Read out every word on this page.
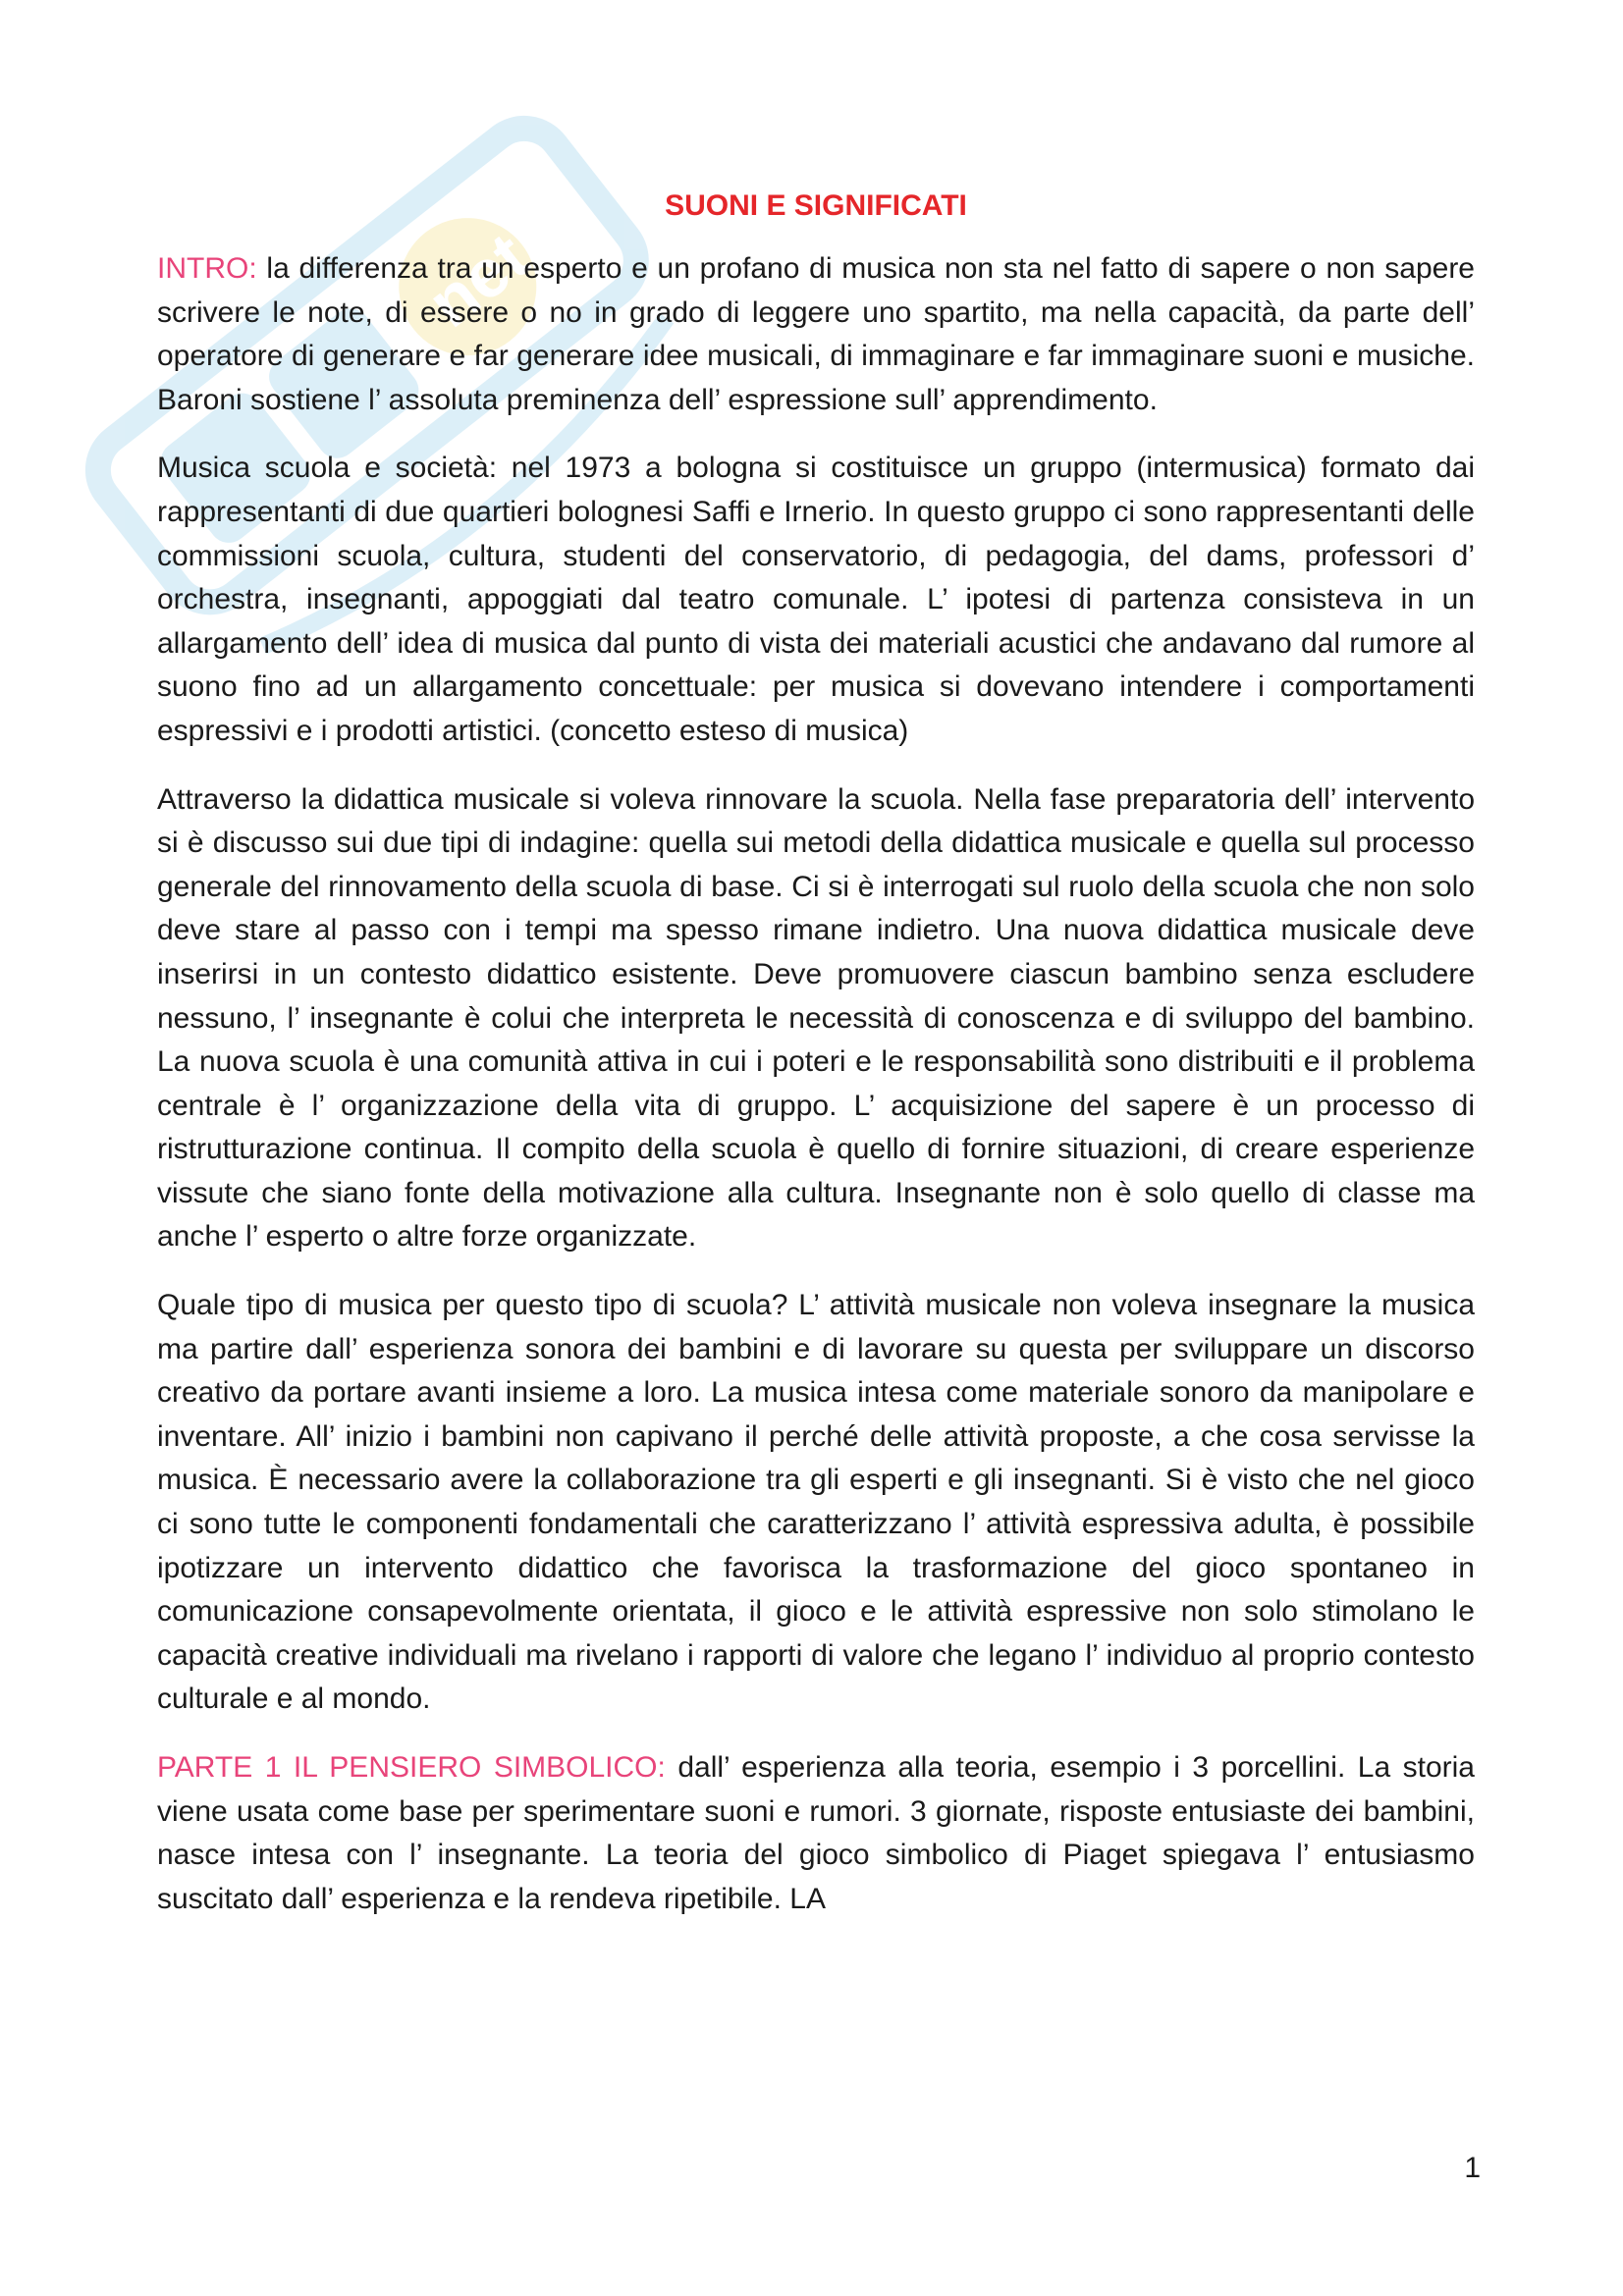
net
SUONI E SIGNIFICATI

INTRO: la differenza tra un esperto e un profano di musica non sta nel fatto di sapere o non sapere scrivere le note, di essere o no in grado di leggere uno spartito, ma nella capacità, da parte dell’ operatore di generare e far generare idee musicali, di immaginare e far immaginare suoni e musiche. Baroni sostiene l’ assoluta preminenza dell’ espressione sull’ apprendimento.

Musica scuola e società: nel 1973 a bologna si costituisce un gruppo (intermusica) formato dai rappresentanti di due quartieri bolognesi Saffi e Irnerio. In questo gruppo ci sono rappresentanti delle commissioni scuola, cultura, studenti del conservatorio, di pedagogia, del dams, professori d’ orchestra, insegnanti, appoggiati dal teatro comunale. L’ ipotesi di partenza consisteva in un allargamento dell’ idea di musica dal punto di vista dei materiali acustici che andavano dal rumore al suono fino ad un allargamento concettuale: per musica si dovevano intendere i comportamenti espressivi e i prodotti artistici. (concetto esteso di musica)

Attraverso la didattica musicale si voleva rinnovare la scuola. Nella fase preparatoria dell’ intervento si è discusso sui due tipi di indagine: quella sui metodi della didattica musicale e quella sul processo generale del rinnovamento della scuola di base. Ci si è interrogati sul ruolo della scuola che non solo deve stare al passo con i tempi ma spesso rimane indietro. Una nuova didattica musicale deve inserirsi in un contesto didattico esistente. Deve promuovere ciascun bambino senza escludere nessuno, l’ insegnante è colui che interpreta le necessità di conoscenza e di sviluppo del bambino. La nuova scuola è una comunità attiva in cui i poteri e le responsabilità sono distribuiti e il problema centrale è l’ organizzazione della vita di gruppo. L’ acquisizione del sapere è un processo di ristrutturazione continua. Il compito della scuola è quello di fornire situazioni, di creare esperienze vissute che siano fonte della motivazione alla cultura. Insegnante non è solo quello di classe ma anche l’ esperto o altre forze organizzate.

Quale tipo di musica per questo tipo di scuola? L’ attività musicale non voleva insegnare la musica ma partire dall’ esperienza sonora dei bambini e di lavorare su questa per sviluppare un discorso creativo da portare avanti insieme a loro. La musica intesa come materiale sonoro da manipolare e inventare. All’ inizio i bambini non capivano il perché delle attività proposte, a che cosa servisse la musica. È necessario avere la collaborazione tra gli esperti e gli insegnanti. Si è visto che nel gioco ci sono tutte le componenti fondamentali che caratterizzano l’ attività espressiva adulta, è possibile ipotizzare un intervento didattico che favorisca la trasformazione del gioco spontaneo in comunicazione consapevolmente orientata, il gioco e le attività espressive non solo stimolano le capacità creative individuali ma rivelano i rapporti di valore che legano l’ individuo al proprio contesto culturale e al mondo.

PARTE 1 IL PENSIERO SIMBOLICO: dall’ esperienza alla teoria, esempio i 3 porcellini. La storia viene usata come base per sperimentare suoni e rumori. 3 giornate, risposte entusiaste dei bambini, nasce intesa con l’ insegnante. La teoria del gioco simbolico di Piaget spiegava l’ entusiasmo suscitato dall’ esperienza e la rendeva ripetibile. LA

1
